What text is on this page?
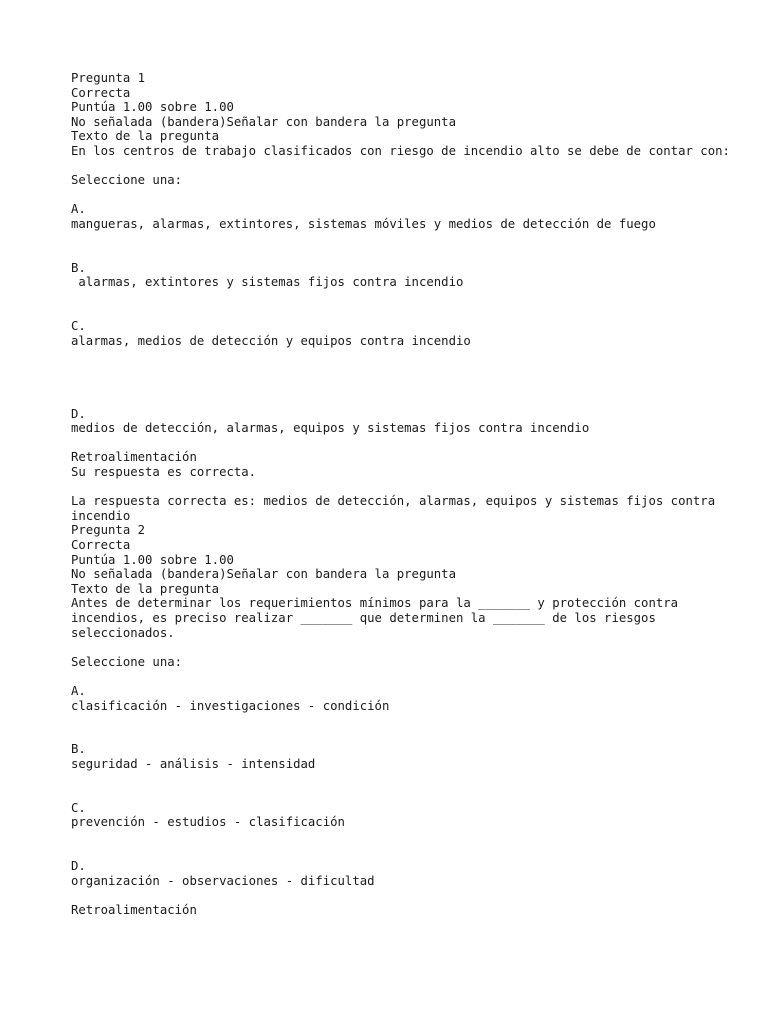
Pregunta 1

Correcta

Puntúa 1.00 sobre 1.00

No señalada (bandera)Señalar con bandera la pregunta

Texto de la pregunta

En los centros de trabajo clasificados con riesgo de incendio alto se debe de contar con:

Seleccione una:

A.

mangueras, alarmas, extintores, sistemas móviles y medios de detección de fuego

B.

alarmas, extintores y sistemas fijos contra incendio

C.

alarmas, medios de detección y equipos contra incendio

D.

medios de detección, alarmas, equipos y sistemas fijos contra incendio

Retroalimentación

Su respuesta es correcta.

La respuesta correcta es: medios de detección, alarmas, equipos y sistemas fijos contra incendio

Pregunta 2

Correcta

Puntúa 1.00 sobre 1.00

No señalada (bandera)Señalar con bandera la pregunta

Texto de la pregunta

Antes de determinar los requerimientos mínimos para la _______ y protección contra incendios, es preciso realizar _______ que determinen la _______ de los riesgos seleccionados.

Seleccione una:

A.

clasificación - investigaciones - condición

B.

seguridad - análisis - intensidad

C.

prevención - estudios - clasificación

D.

organización - observaciones - dificultad

Retroalimentación
